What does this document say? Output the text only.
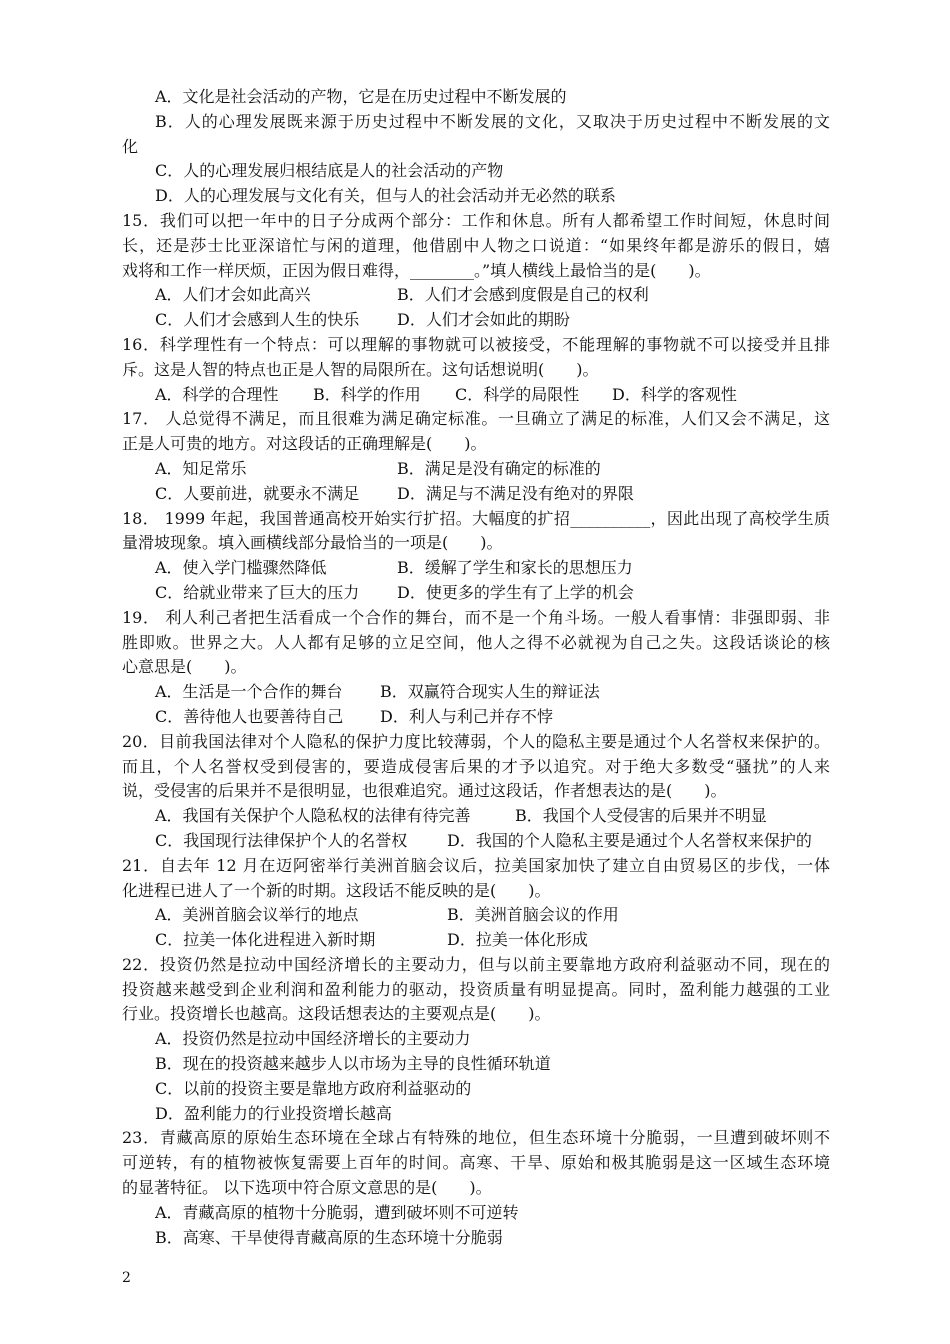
A．文化是社会活动的产物，它是在历史过程中不断发展的
B．人的心理发展既来源于历史过程中不断发展的文化，又取决于历史过程中不断发展的文
化
C．人的心理发展归根结底是人的社会活动的产物
D．人的心理发展与文化有关，但与人的社会活动并无必然的联系
15．我们可以把一年中的日子分成两个部分：工作和休息。所有人都希望工作时间短，休息时间
长，还是莎士比亚深谙忙与闲的道理，他借剧中人物之口说道：“如果终年都是游乐的假日，嬉
戏将和工作一样厌烦，正因为假日难得，________。”填人横线上最恰当的是(　　)。
A．人们才会如此高兴	B．人们才会感到度假是自己的权利
C．人们才会感到人生的快乐 D．人们才会如此的期盼
16．科学理性有一个特点：可以理解的事物就可以被接受，不能理解的事物就不可以接受并且排
斥。这是人智的特点也正是人智的局限所在。这句话想说明(　　)。
A．科学的合理性 B．科学的作用 C．科学的局限性 D．科学的客观性
17． 人总觉得不满足，而且很难为满足确定标准。一旦确立了满足的标准，人们又会不满足，这
正是人可贵的地方。对这段话的正确理解是(　　)。
A．知足常乐	B．满足是没有确定的标准的
C．人要前进，就要永不满足 D．满足与不满足没有绝对的界限
18． 1999 年起，我国普通高校开始实行扩招。大幅度的扩招__________，因此出现了高校学生质
量滑坡现象。填入画横线部分最恰当的一项是(　　)。
A．使入学门槛骤然降低	B．缓解了学生和家长的思想压力
C．给就业带来了巨大的压力 D．使更多的学生有了上学的机会
19． 利人利己者把生活看成一个合作的舞台，而不是一个角斗场。一般人看事情：非强即弱、非
胜即败。世界之大。人人都有足够的立足空间，他人之得不必就视为自己之失。这段话谈论的核
心意思是(　　)。
A．生活是一个合作的舞台 B．双赢符合现实人生的辩证法
C．善待他人也要善待自己 D．利人与利己并存不悖
20．目前我国法律对个人隐私的保护力度比较薄弱，个人的隐私主要是通过个人名誉权来保护的。
而且，个人名誉权受到侵害的，要造成侵害后果的才予以追究。对于绝大多数受“骚扰”的人来
说，受侵害的后果并不是很明显，也很难追究。通过这段话，作者想表达的是(　　)。
A．我国有关保护个人隐私权的法律有待完善	B．我国个人受侵害的后果并不明显
C．我国现行法律保护个人的名誉权 D．我国的个人隐私主要是通过个人名誉权来保护的
21．自去年 12 月在迈阿密举行美洲首脑会议后，拉美国家加快了建立自由贸易区的步伐，一体
化进程已进人了一个新的时期。这段话不能反映的是(　　)。
A．美洲首脑会议举行的地点	B．美洲首脑会议的作用
C．拉美一体化进程进入新时期	D．拉美一体化形成
22．投资仍然是拉动中国经济增长的主要动力，但与以前主要靠地方政府利益驱动不同，现在的
投资越来越受到企业利润和盈利能力的驱动，投资质量有明显提高。同时，盈利能力越强的工业
行业。投资增长也越高。这段话想表达的主要观点是(　　)。
A．投资仍然是拉动中国经济增长的主要动力
B．现在的投资越来越步人以市场为主导的良性循环轨道
C．以前的投资主要是靠地方政府利益驱动的
D．盈利能力的行业投资增长越高
23．青藏高原的原始生态环境在全球占有特殊的地位，但生态环境十分脆弱，一旦遭到破坏则不
可逆转，有的植物被恢复需要上百年的时间。高寒、干旱、原始和极其脆弱是这一区域生态环境
的显著特征。 以下选项中符合原文意思的是(　　)。
A．青藏高原的植物十分脆弱，遭到破坏则不可逆转
B．高寒、干旱使得青藏高原的生态环境十分脆弱
2
